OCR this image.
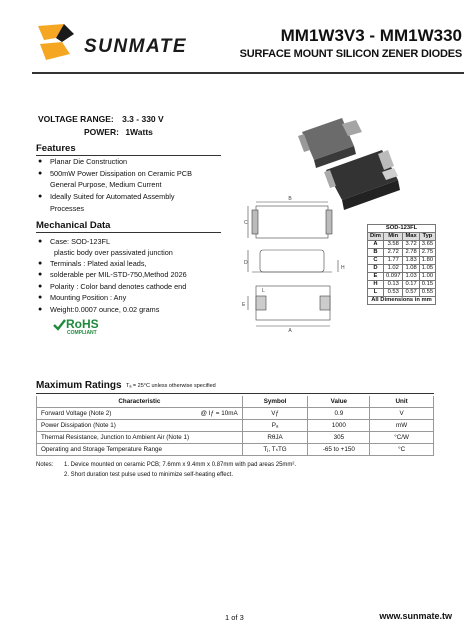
SUNMATE
MM1W3V3 - MM1W330
SURFACE MOUNT SILICON ZENER DIODES
VOLTAGE RANGE: 3.3 - 330 V
POWER: 1Watts
Features
● Planar Die Construction
● 500mW Power Dissipation on Ceramic PCB
General Purpose, Medium Current
● Ideally Suited for Automated Assembly
Processes
Mechanical Data
● Case: SOD-123FL
plastic body over passivated junction
● Terminals : Plated axial leads,
● solderable per MIL-STD-750,Method 2026
● Polarity : Color band denotes cathode end
● Mounting Position : Any
● Weight:0.0007 ounce, 0.02 grams
RoHS
COMPLIANT
B
C
D
H
A
E
L
SOD-123FL			
Dim	Min	Max	Typ
A	3.58	3.72	3.65
B	2.72	2.78	2.75
C	1.77	1.83	1.80
D	1.02	1.08	1.05
E	0.097	1.03	1.00
H	0.13	0.17	0.15
L	0.53	0.57	0.55
All Dimensions in mm			
Maximum Ratings Tₐ = 25°C unless otherwise specified
Characteristic		Symbol	Value	Unit
Forward Voltage (Note 2)	@ Iƒ = 10mA	Vƒ	0.9	V
Power Dissipation (Note 1)		Pₐ	1000	mW
Thermal Resistance, Junction to Ambient Air (Note 1)		RθJA	305	°C/W
Operating and Storage Temperature Range		Tⱼ, TₛTG	-65 to +150	°C
Notes: 1. Device mounted on ceramic PCB; 7.6mm x 9.4mm x 0.87mm with pad areas 25mm².
2. Short duration test pulse used to minimize self-heating effect.
1 of 3	www.sunmate.tw
